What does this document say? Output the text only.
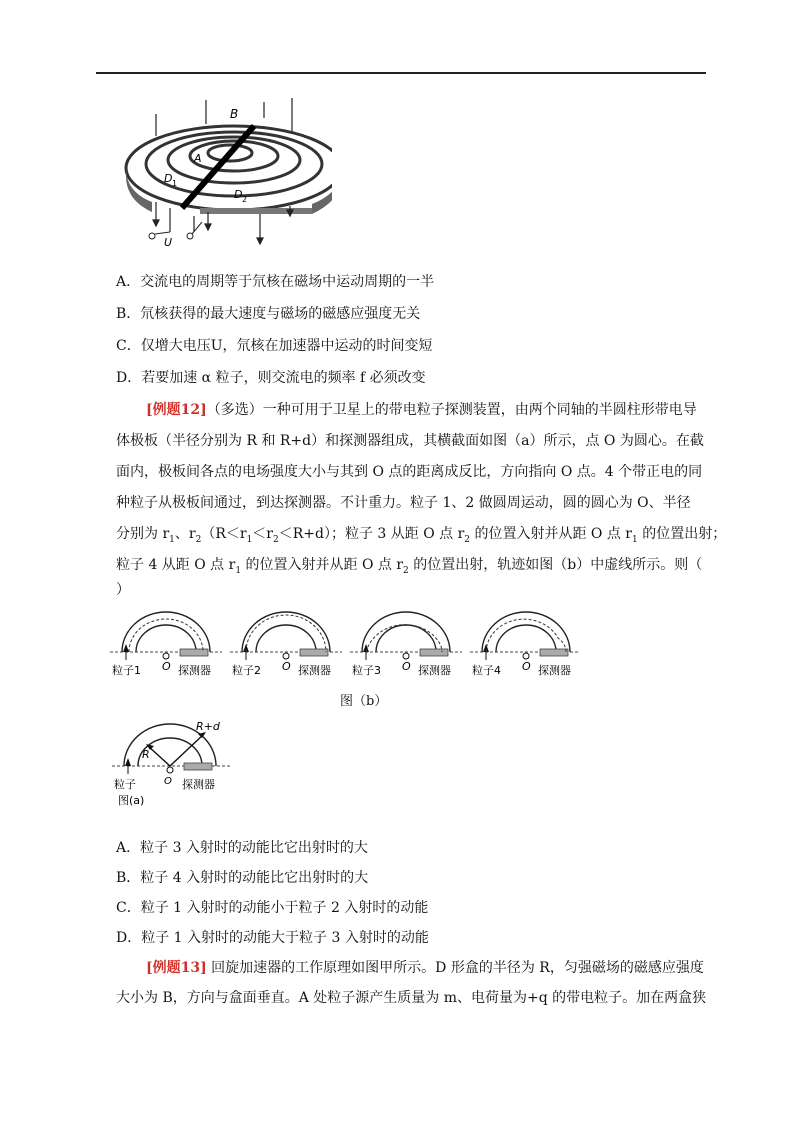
B
A
D 1
D 2
U
A．交流电的周期等于氘核在磁场中运动周期的一半
B．氘核获得的最大速度与磁场的磁感应强度无关
C．仅增大电压U，氘核在加速器中运动的时间变短
D．若要加速 α 粒子，则交流电的频率 f 必须改变
[例题12]（多选）一种可用于卫星上的带电粒子探测装置，由两个同轴的半圆柱形带电导
体极板（半径分别为 R 和 R+d）和探测器组成，其横截面如图（a）所示，点 O 为圆心。在截
面内，极板间各点的电场强度大小与其到 O 点的距离成反比，方向指向 O 点。4 个带正电的同
种粒子从极板间通过，到达探测器。不计重力。粒子 1、2 做圆周运动，圆的圆心为 O、半径
分别为 $r_1$、$r_2(R<r_1<r_2<R+d)$；粒子 3 从距 O 点 $r_2$ 的位置入射并从距 O 点 $r_1$ 的位置出射；
粒子 4 从距 O 点 $r_1$ 的位置入射并从距 O 点 $r_2$ 的位置出射，轨迹如图（b）中虚线所示。则（
）
粒子1	探测器
O	粒子2	探测器
O	粒子3	探测器
O	粒子4	探测器
O
图（b）
R
R+d
O
粒子	探测器
图(a)
A．粒子 3 入射时的动能比它出射时的大
B．粒子 4 入射时的动能比它出射时的大
C．粒子 1 入射时的动能小于粒子 2 入射时的动能
D．粒子 1 入射时的动能大于粒子 3 入射时的动能
[例题13] 回旋加速器的工作原理如图甲所示。D 形盒的半径为 R，匀强磁场的磁感应强度
大小为 B，方向与盒面垂直。A 处粒子源产生质量为 m、电荷量为+q 的带电粒子。加在两盒狭
